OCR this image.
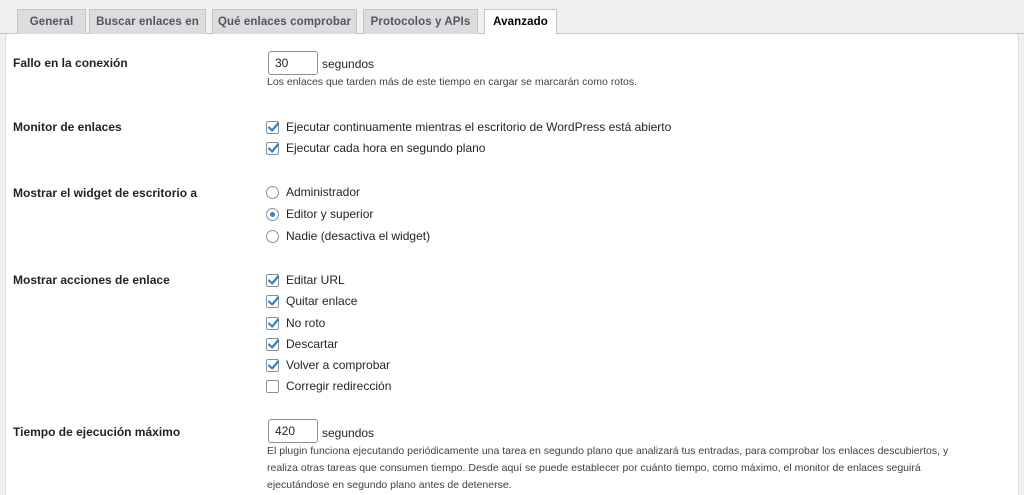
General	Buscar enlaces en	Qué enlaces comprobar	Protocolos y APIs	Avanzado
Fallo en la conexión	30	segundos
Los enlaces que tarden más de este tiempo en cargar se marcarán como rotos.
Monitor de enlaces	Ejecutar continuamente mientras el escritorio de WordPress está abierto
Ejecutar cada hora en segundo plano
Mostrar el widget de escritorio a	Administrador
Editor y superior
Nadie (desactiva el widget)
Mostrar acciones de enlace	Editar URL
Quitar enlace
No roto
Descartar
Volver a comprobar
Corregir redirección
Tiempo de ejecución máximo	420	segundos
El plugin funciona ejecutando periódicamente una tarea en segundo plano que analizará tus entradas, para comprobar los enlaces descubiertos, y
realiza otras tareas que consumen tiempo. Desde aquí se puede establecer por cuánto tiempo, como máximo, el monitor de enlaces seguirá
ejecutándose en segundo plano antes de detenerse.
